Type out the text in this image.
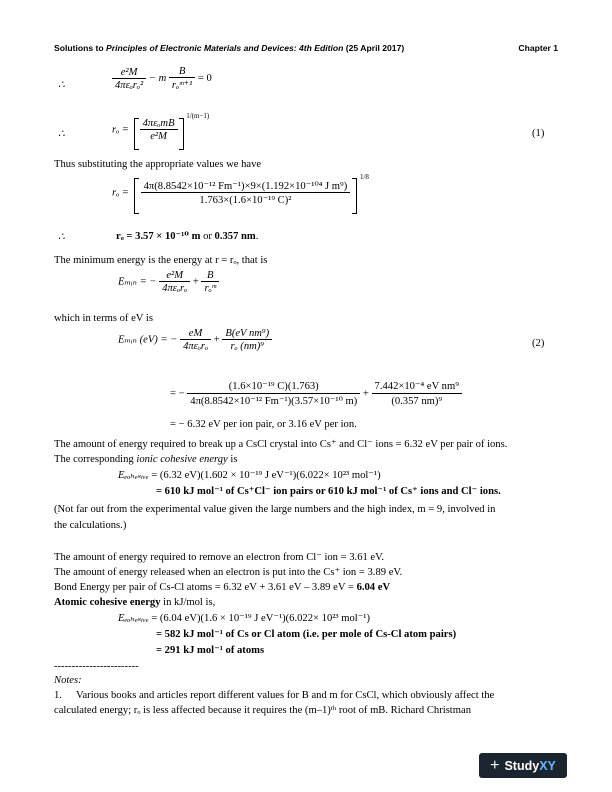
Solutions to Principles of Electronic Materials and Devices: 4th Edition (25 April 2017)	Chapter 1
∴	$\frac{\text{e²M}}{\text{4πεₒrₒ²}} - m \frac{B}{\text{rₒᵐ⁺¹}} = 0$
∴	$r_o = \frac{\text{4πεₒmB}}{\text{e²M}}$
$^{1/(m-1)}$
(1)
Thus substituting the appropriate values we have
$r_o = \frac{\text{4π(8.8542×10⁻¹² Fm⁻¹)×9×(1.192×10⁻¹⁰⁴ J m⁹)}}{\text{1.763×(1.6×10⁻¹⁹ C)²}}$
$^{1/8}$
∴	rₒ = 3.57 × 10⁻¹⁰ m or 0.357 nm.
The minimum energy is the energy at r = rₒ, that is
Eₘᵢₙ = − $\frac{\text{e²M}}{\text{4πεₒrₒ}} + \frac{B}{\text{rₒᵐ}}$
which in terms of eV is
Eₘᵢₙ (eV) = − $\frac{eM}{\text{4πεₒrₒ}} + \frac{\text{B(eV nm⁹)}}{\text{rₒ (nm)⁹}}$	(2)
= − $\frac{\text{(1.6×10⁻¹⁹ C)(1.763)}}{\text{4π(8.8542×10⁻¹² Fm⁻¹)(3.57×10⁻¹⁰ m)}} + \frac{\text{7.442×10⁻⁴ eV nm⁹}}{\text{(0.357 nm)⁹}}$
= − 6.32 eV per ion pair, or 3.16 eV per ion.
The amount of energy required to break up a CsCl crystal into Cs⁺ and Cl⁻ ions = 6.32 eV per pair of ions.
The corresponding ionic cohesive energy is
Eₑₒₕₑₛᵢᵥₑ = (6.32 eV)(1.602 × 10⁻¹⁹ J eV⁻¹)(6.022× 10²³ mol⁻¹)
= 610 kJ mol⁻¹ of Cs⁺Cl⁻ ion pairs or 610 kJ mol⁻¹ of Cs⁺ ions and Cl⁻ ions.
(Not far out from the experimental value given the large numbers and the high index, m = 9, involved in
the calculations.)
The amount of energy required to remove an electron from Cl⁻ ion = 3.61 eV.
The amount of energy released when an electron is put into the Cs⁺ ion = 3.89 eV.
Bond Energy per pair of Cs-Cl atoms = 6.32 eV + 3.61 eV – 3.89 eV = 6.04 eV
Atomic cohesive energy in kJ/mol is,
Eₑₒₕₑₛᵢᵥₑ = (6.04 eV)(1.6 × 10⁻¹⁹ J eV⁻¹)(6.022× 10²³ mol⁻¹)
= 582 kJ mol⁻¹ of Cs or Cl atom (i.e. per mole of Cs-Cl atom pairs)
= 291 kJ mol⁻¹ of atoms
------------------------
Notes:
1. Various books and articles report different values for B and m for CsCl, which obviously affect the
calculated energy; rₒ is less affected because it requires the (m–1)ᵗʰ root of mB. Richard Christman
+ Study XY
